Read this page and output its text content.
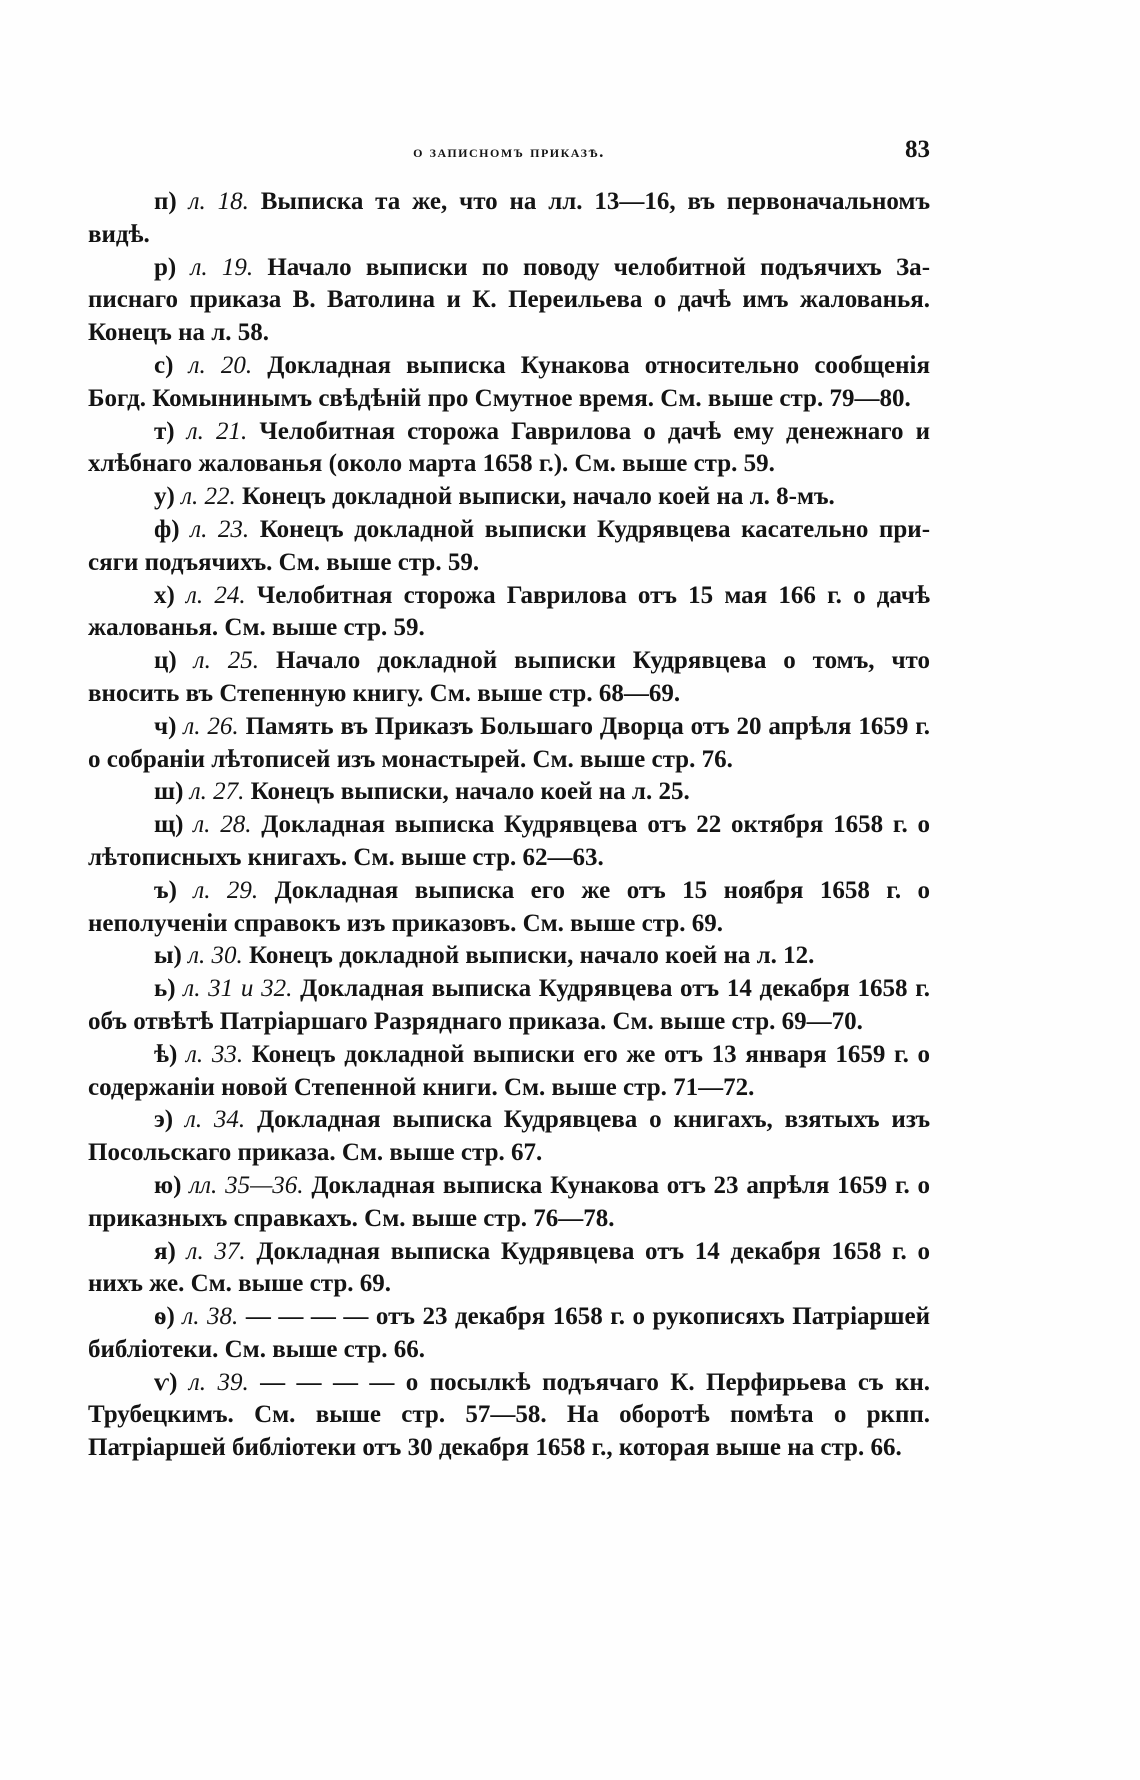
о записномъ приказѣ.	83

п) л. 18. Выписка та же, что на лл. 13—16, въ первоначальномъ видѣ.

р) л. 19. Начало выписки по поводу челобитной подъячихъ Записнаго приказа В. Ватолина и К. Переильева о дачѣ имъ жалованья. Конецъ на л. 58.

с) л. 20. Докладная выписка Кунакова относительно сообщенія Богд. Комынинымъ свѣдѣній про Смутное время. См. выше стр. 79—80.

т) л. 21. Челобитная сторожа Гаврилова о дачѣ ему денежнаго и хлѣбнаго жалованья (около марта 1658 г.). См. выше стр. 59.

у) л. 22. Конецъ докладной выписки, начало коей на л. 8-мъ.

ф) л. 23. Конецъ докладной выписки Кудрявцева касательно присяги подъячихъ. См. выше стр. 59.

х) л. 24. Челобитная сторожа Гаврилова отъ 15 мая 166 г. о дачѣ жалованья. См. выше стр. 59.

ц) л. 25. Начало докладной выписки Кудрявцева о томъ, что вносить въ Степенную книгу. См. выше стр. 68—69.

ч) л. 26. Память въ Приказъ Большаго Дворца отъ 20 апрѣля 1659 г. о собраніи лѣтописей изъ монастырей. См. выше стр. 76.

ш) л. 27. Конецъ выписки, начало коей на л. 25.

щ) л. 28. Докладная выписка Кудрявцева отъ 22 октября 1658 г. о лѣтописныхъ книгахъ. См. выше стр. 62—63.

ъ) л. 29. Докладная выписка его же отъ 15 ноября 1658 г. о неполученіи справокъ изъ приказовъ. См. выше стр. 69.

ы) л. 30. Конецъ докладной выписки, начало коей на л. 12.

ь) л. 31 и 32. Докладная выписка Кудрявцева отъ 14 декабря 1658 г. объ отвѣтѣ Патріаршаго Разряднаго приказа. См. выше стр. 69—70.

ѣ) л. 33. Конецъ докладной выписки его же отъ 13 января 1659 г. о содержаніи новой Степенной книги. См. выше стр. 71—72.

э) л. 34. Докладная выписка Кудрявцева о книгахъ, взятыхъ изъ Посольскаго приказа. См. выше стр. 67.

ю) лл. 35—36. Докладная выписка Кунакова отъ 23 апрѣля 1659 г. о приказныхъ справкахъ. См. выше стр. 76—78.

я) л. 37. Докладная выписка Кудрявцева отъ 14 декабря 1658 г. о нихъ же. См. выше стр. 69.

ѳ) л. 38. — — — — отъ 23 декабря 1658 г. о рукописяхъ Патріаршей библіотеки. См. выше стр. 66.

ѵ) л. 39. — — — — о посылкѣ подъячаго К. Перфирьева съ кн. Трубецкимъ. См. выше стр. 57—58. На оборотѣ помѣта о ркпп. Патріаршей библіотеки отъ 30 декабря 1658 г., которая выше на стр. 66.
